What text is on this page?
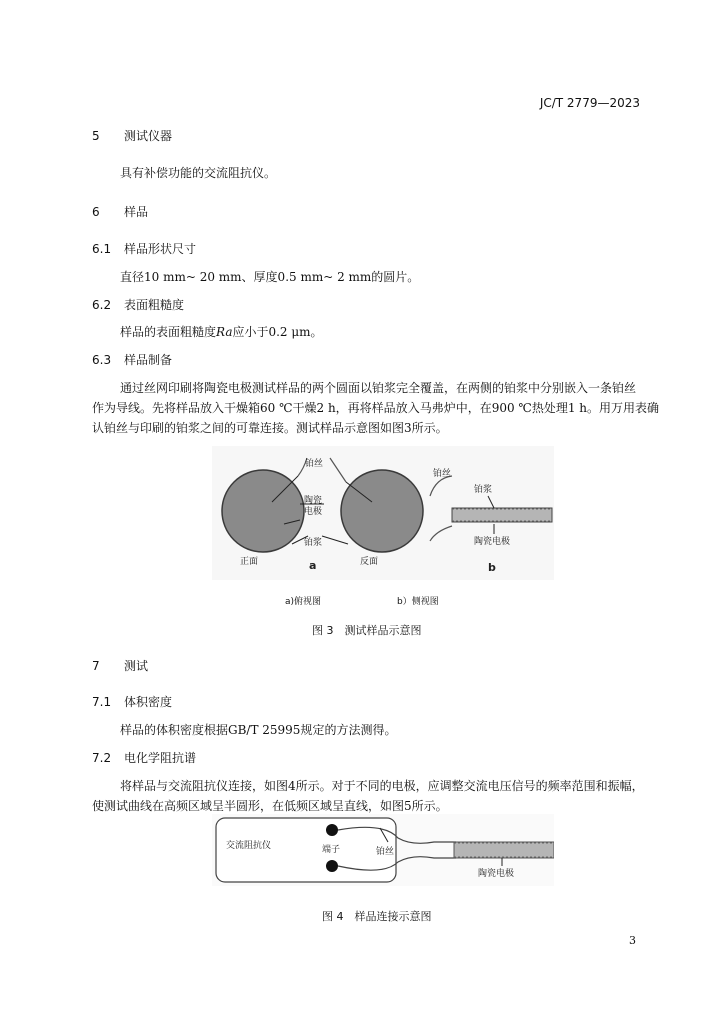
JC/T 2779—2023
5 测试仪器
具有补偿功能的交流阻抗仪。
6 样品
6.1 样品形状尺寸
直径10 mm~ 20 mm、厚度0.5 mm~ 2 mm的圆片。
6.2 表面粗糙度
样品的表面粗糙度Ra应小于0.2 μm。
6.3 样品制备
通过丝网印刷将陶瓷电极测试样品的两个圆面以铂浆完全覆盖，在两侧的铂浆中分别嵌入一条铂丝
作为导线。先将样品放入干燥箱60 ℃干燥2 h，再将样品放入马弗炉中，在900 ℃热处理1 h。用万用表确
认铂丝与印刷的铂浆之间的可靠连接。测试样品示意图如图3所示。
铂丝
陶瓷
电极
铂浆
正面	反面
a
铂丝
铂浆
陶瓷电极
b
a)俯视图	b）侧视图
图 3　测试样品示意图
7 测试
7.1 体积密度
样品的体积密度根据GB/T 25995规定的方法测得。
7.2 电化学阻抗谱
将样品与交流阻抗仪连接，如图4所示。对于不同的电极，应调整交流电压信号的频率范围和振幅，
使测试曲线在高频区域呈半圆形，在低频区域呈直线，如图5所示。
交流阻抗仪	端子	铂丝
陶瓷电极
图 4　样品连接示意图
3
